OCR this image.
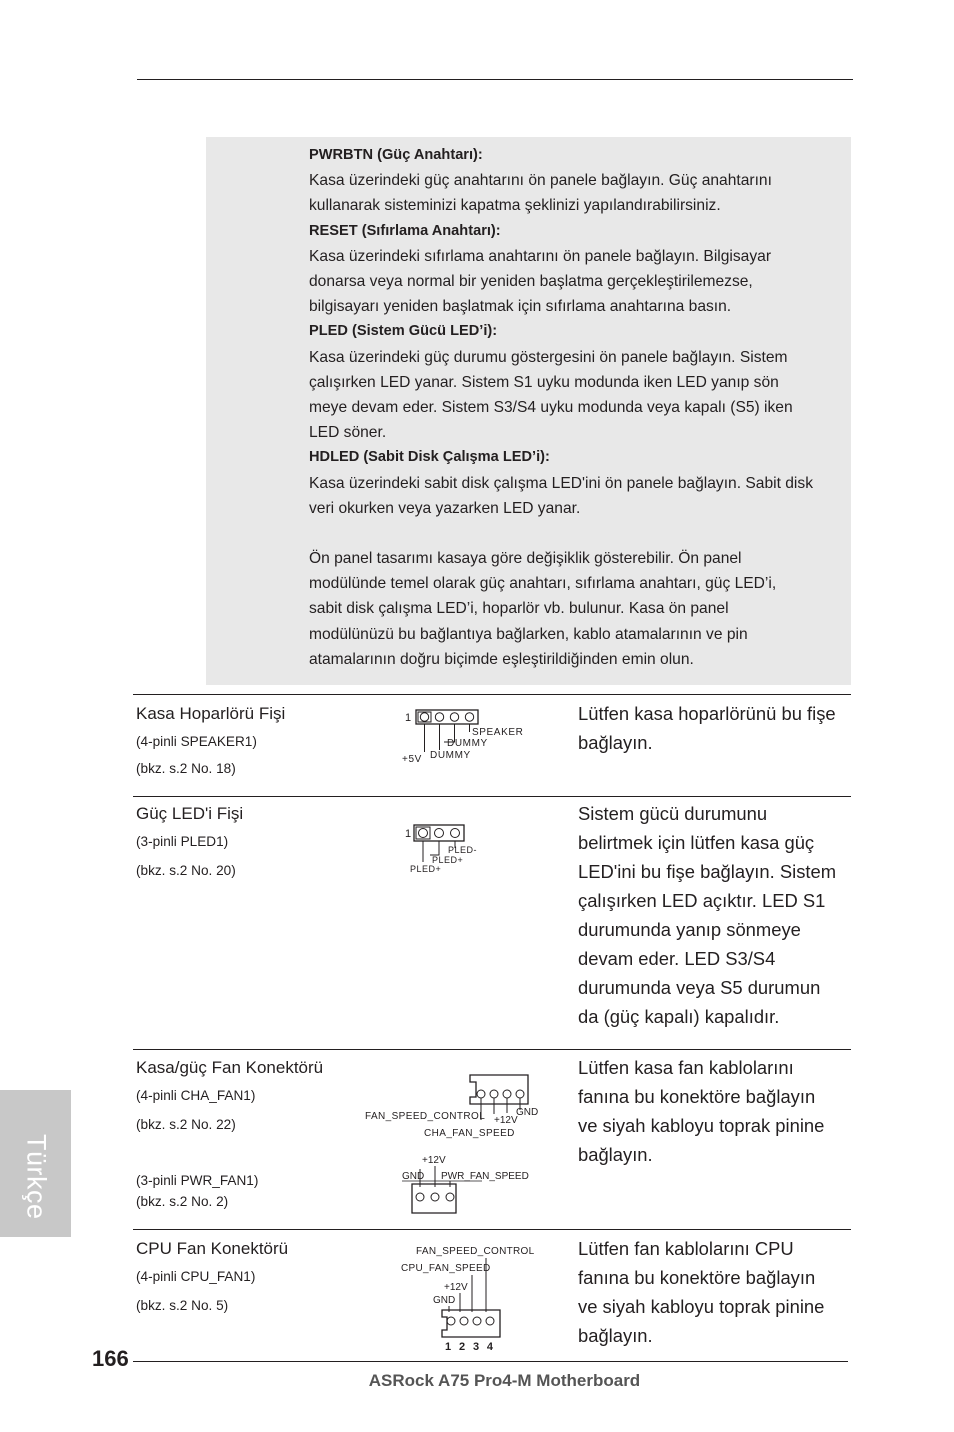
PWRBTN (Güç Anahtarı):
Kasa üzerindeki güç anahtarını ön panele bağlayın. Güç anahtarını
kullanarak sisteminizi kapatma şeklinizi yapılandırabilirsiniz.
RESET (Sıfırlama Anahtarı):
Kasa üzerindeki sıfırlama anahtarını ön panele bağlayın. Bilgisayar
donarsa veya normal bir yeniden başlatma gerçekleştirilemezse,
bilgisayarı yeniden başlatmak için sıfırlama anahtarına basın.
PLED (Sistem Gücü LED’i):
Kasa üzerindeki güç durumu göstergesini ön panele bağlayın. Sistem
çalışırken LED yanar. Sistem S1 uyku modunda iken LED yanıp sön
meye devam eder. Sistem S3/S4 uyku modunda veya kapalı (S5) iken
LED söner.
HDLED (Sabit Disk Çalışma LED’i):
Kasa üzerindeki sabit disk çalışma LED'ini ön panele bağlayın. Sabit disk
veri okurken veya yazarken LED yanar.
Ön panel tasarımı kasaya göre değişiklik gösterebilir. Ön panel
modülünde temel olarak güç anahtarı, sıfırlama anahtarı, güç LED’i,
sabit disk çalışma LED’i, hoparlör vb. bulunur. Kasa ön panel
modülünüzü bu bağlantıya bağlarken, kablo atamalarının ve pin
atamalarının doğru biçimde eşleştirildiğinden emin olun.
Kasa Hoparlörü Fişi
(4-pinli SPEAKER1)
(bkz. s.2 No. 18)
Lütfen kasa hoparlörünü bu fişe
bağlayın.
1
SPEAKER
DUMMY
+5V DUMMY
Güç LED'i Fişi
(3-pinli PLED1)
(bkz. s.2 No. 20)
Sistem gücü durumunu
belirtmek için lütfen kasa güç
LED'ini bu fişe bağlayın. Sistem
çalışırken LED açıktır. LED S1
durumunda yanıp sönmeye
devam eder. LED S3/S4
durumunda veya S5 durumun
da (güç kapalı) kapalıdır.
1
PLED-
PLED+
PLED+
Kasa/güç Fan Konektörü
(4-pinli CHA_FAN1)
(bkz. s.2 No. 22)
(3-pinli PWR_FAN1)
(bkz. s.2 No. 2)
Lütfen kasa fan kablolarını
fanına bu konektöre bağlayın
ve siyah kabloyu toprak pinine
bağlayın.
GND
+12V
FAN_SPEED_CONTROL
CHA_FAN_SPEED
+12V
GND PWR_FAN_SPEED
CPU Fan Konektörü
(4-pinli CPU_FAN1)
(bkz. s.2 No. 5)
Lütfen fan kablolarını CPU
fanına bu konektöre bağlayın
ve siyah kabloyu toprak pinine
bağlayın.
FAN_SPEED_CONTROL
CPU_FAN_SPEED
+12V
GND
1 2 3 4
Türkçe
166
ASRock A75 Pro4-M Motherboard
